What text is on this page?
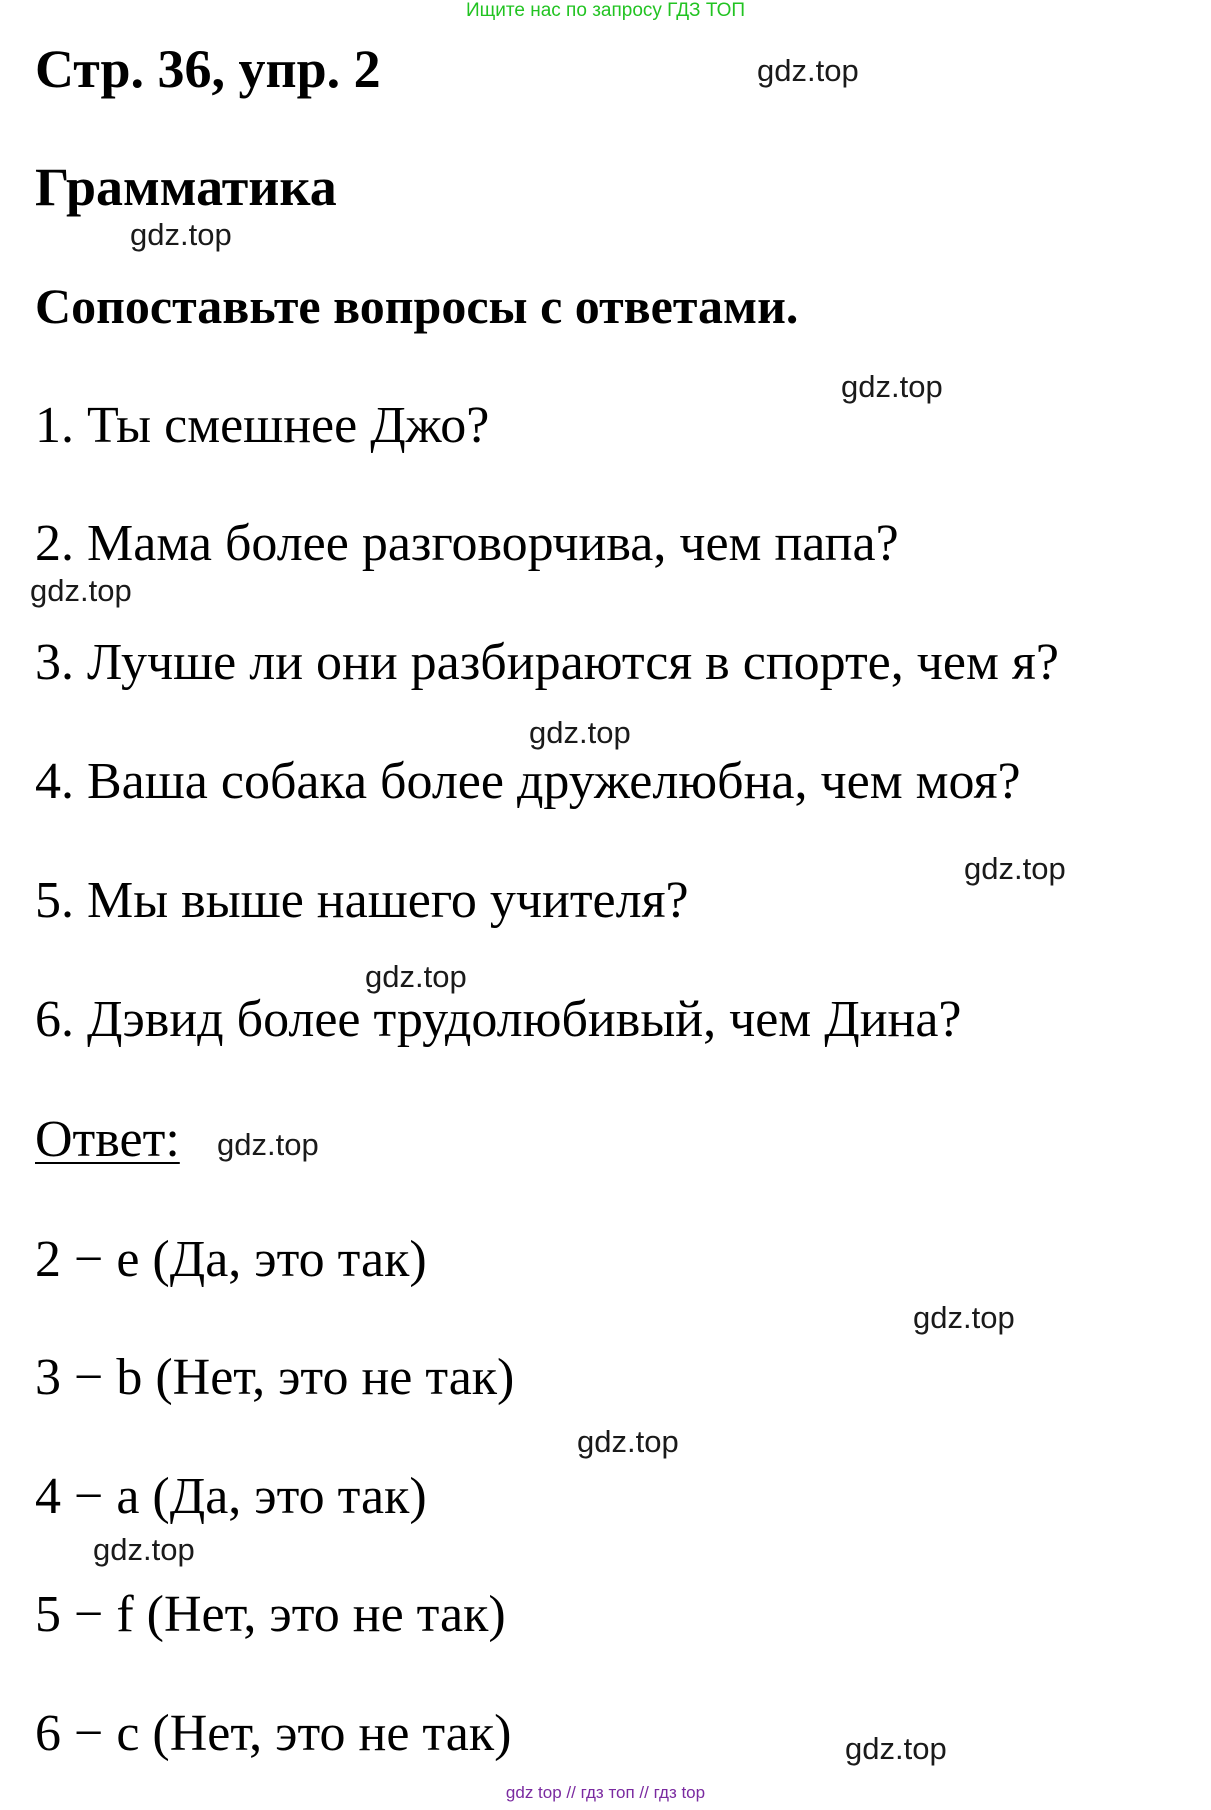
Ищите нас по запросу ГДЗ ТОП
Стр. 36, упр. 2
Грамматика

Сопоставьте вопросы с ответами.

1. Ты смешнее Джо?

2. Мама более разговорчива, чем папа?

3. Лучше ли они разбираются в спорте, чем я?

4. Ваша собака более дружелюбна, чем моя?

5. Мы выше нашего учителя?

6. Дэвид более трудолюбивый, чем Дина?

Ответ:

2 − e (Да, это так)

3 − b (Нет, это не так)

4 − a (Да, это так)

5 − f (Нет, это не так)

6 − c (Нет, это не так)

gdz.top
gdz.top
gdz.top
gdz.top
gdz.top
gdz.top
gdz.top
gdz.top
gdz.top
gdz.top
gdz.top
gdz.top
gdz top // гдз топ // гдз top
